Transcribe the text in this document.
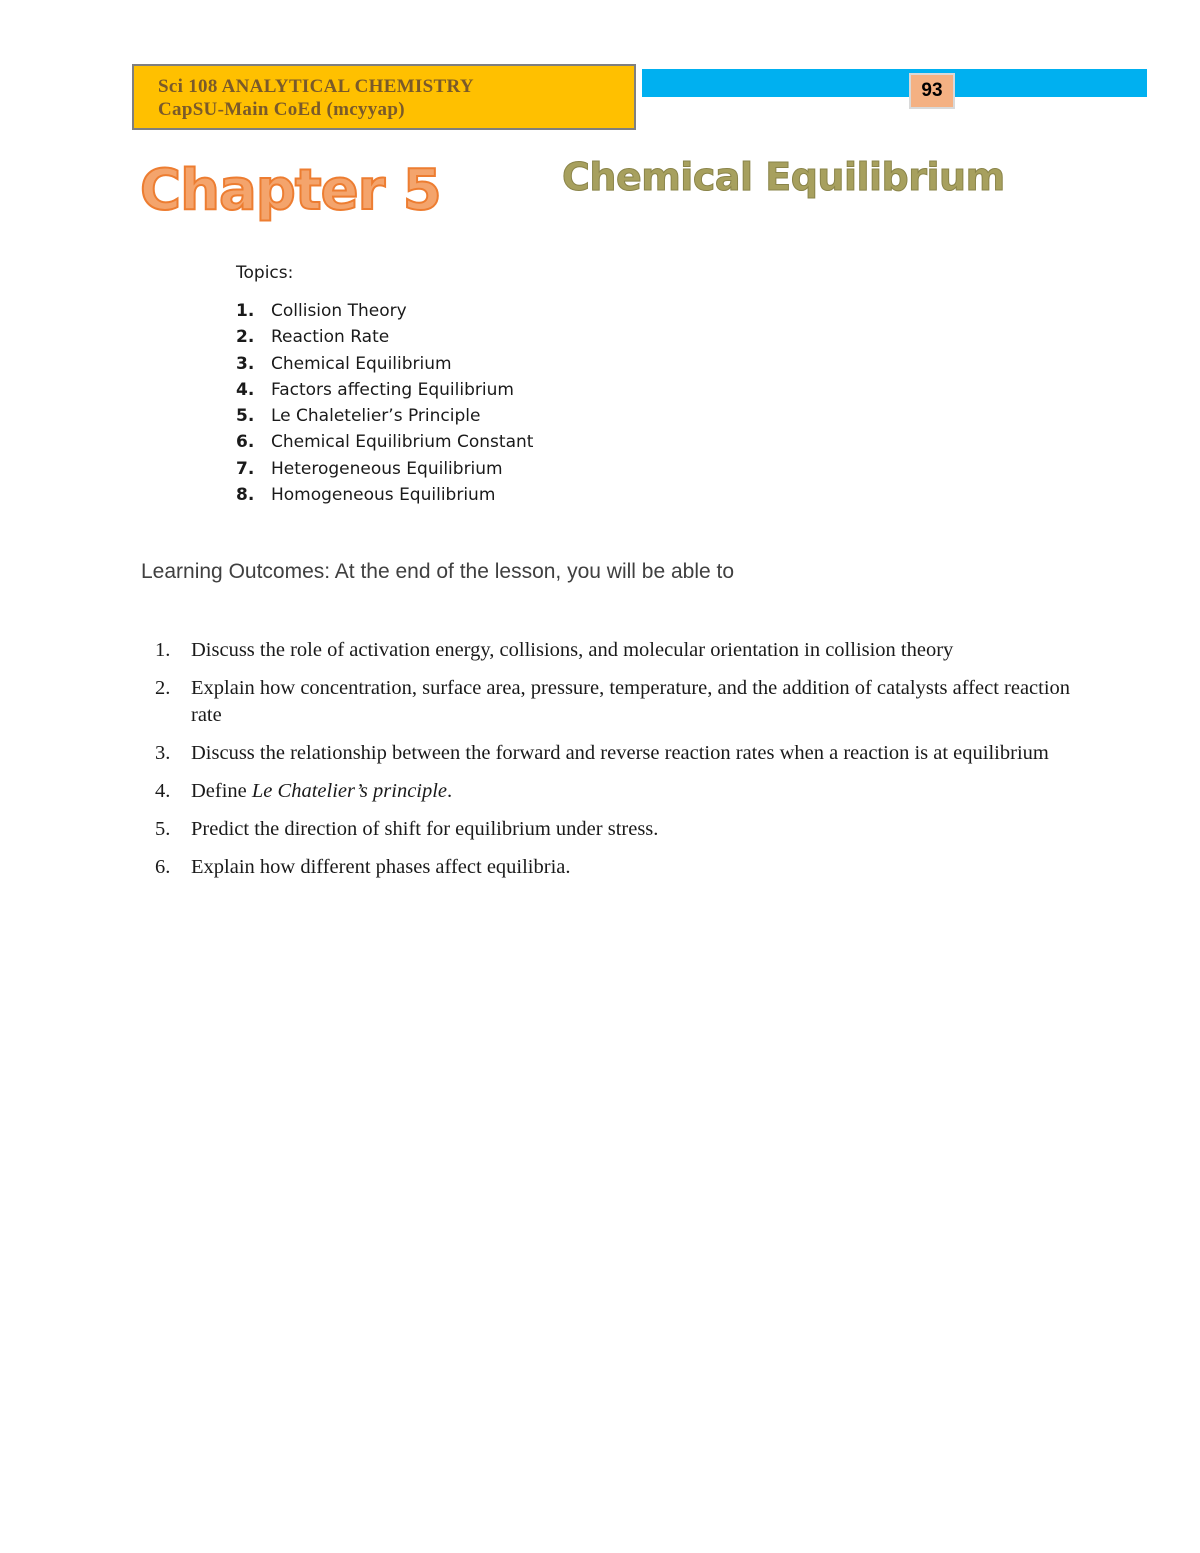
Sci 108 ANALYTICAL CHEMISTRY
CapSU-Main CoEd (mcyyap)
93
Chapter 5	Chemical Equilibrium
Topics:
1. Collision Theory
2. Reaction Rate
3. Chemical Equilibrium
4. Factors affecting Equilibrium
5. Le Chaletelier’s Principle
6. Chemical Equilibrium Constant
7. Heterogeneous Equilibrium
8. Homogeneous Equilibrium
Learning Outcomes: At the end of the lesson, you will be able to
1.	Discuss the role of activation energy, collisions, and molecular orientation in collision theory
2.	Explain how concentration, surface area, pressure, temperature, and the addition of catalysts affect reaction rate
3.	Discuss the relationship between the forward and reverse reaction rates when a reaction is at equilibrium
4.	Define Le Chatelier’s principle.
5.	Predict the direction of shift for equilibrium under stress.
6.	Explain how different phases affect equilibria.
